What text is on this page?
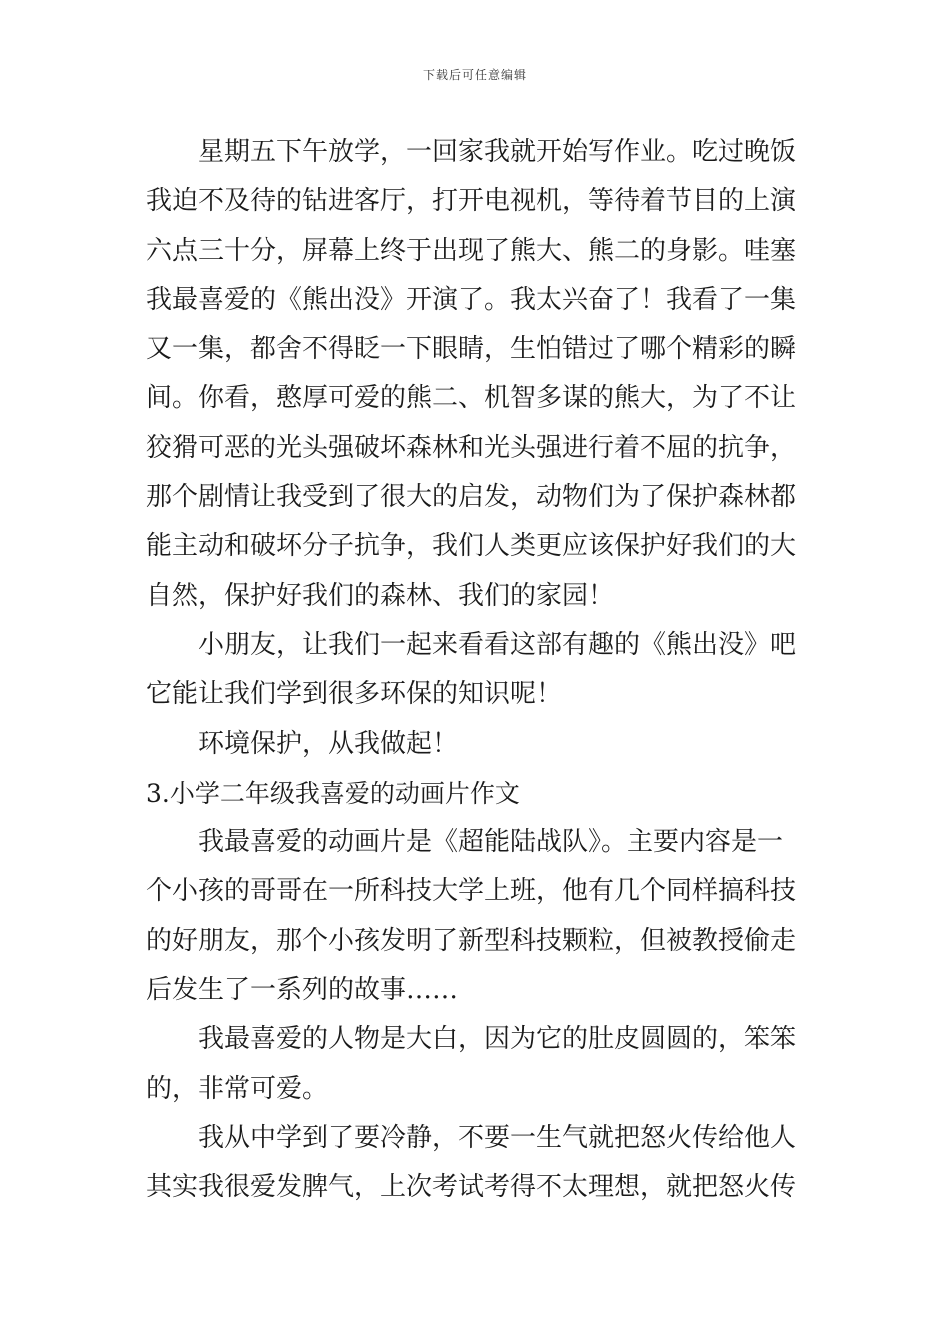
下载后可任意编辑
星期五下午放学，一回家我就开始写作业。吃过晚饭
我迫不及待的钻进客厅，打开电视机，等待着节目的上演
六点三十分，屏幕上终于出现了熊大、熊二的身影。哇塞
我最喜爱的《熊出没》开演了。我太兴奋了！我看了一集
又一集，都舍不得眨一下眼睛，生怕错过了哪个精彩的瞬
间。你看，憨厚可爱的熊二、机智多谋的熊大，为了不让
狡猾可恶的光头强破坏森林和光头强进行着不屈的抗争，
那个剧情让我受到了很大的启发，动物们为了保护森林都
能主动和破坏分子抗争，我们人类更应该保护好我们的大
自然，保护好我们的森林、我们的家园！
小朋友，让我们一起来看看这部有趣的《熊出没》吧
它能让我们学到很多环保的知识呢！
环境保护，从我做起！
3.小学二年级我喜爱的动画片作文
我最喜爱的动画片是《超能陆战队》。主要内容是一
个小孩的哥哥在一所科技大学上班，他有几个同样搞科技
的好朋友，那个小孩发明了新型科技颗粒，但被教授偷走
后发生了一系列的故事……
我最喜爱的人物是大白，因为它的肚皮圆圆的，笨笨
的，非常可爱。
我从中学到了要冷静，不要一生气就把怒火传给他人
其实我很爱发脾气，上次考试考得不太理想，就把怒火传
